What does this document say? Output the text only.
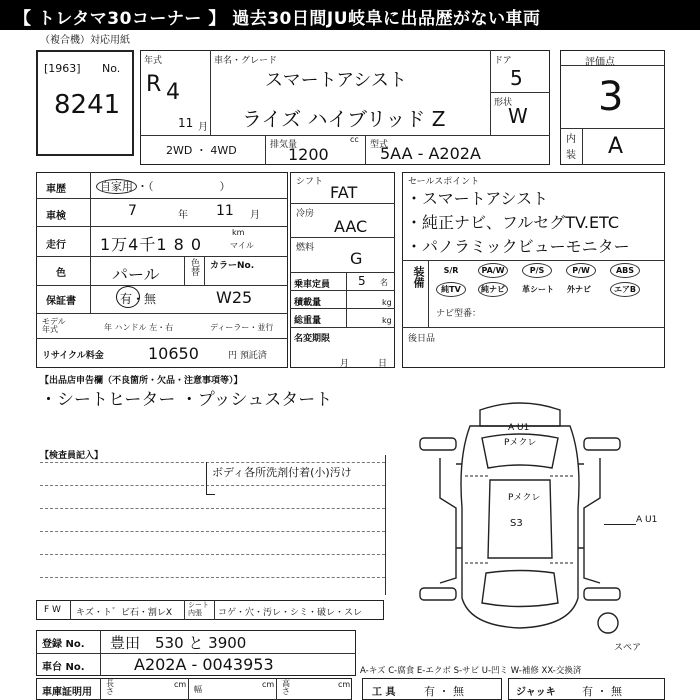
【 トレタマ30コーナー 】 過去30日間JU岐阜に出品歴がない車両
（複合機）対応用紙
[1963] No.
8241
年式
R 4
11 月
車名・グレード
スマートアシスト
ライズ ハイブリッド Z
ドア
5
形状
W
2WD ・ 4WD	排気量
cc
1200	型式
5AA - A202A
評価点
3
内
装 A
車歴	自家用 ・（　　　　　　）
車検	7	年 11 月
走行 1万4千1 8 0
km
マイル
色	パール	色替 カラーNo.
W25
保証書	有・無
モデル年式	年 ハンドル 左・右	ディーラー・並行
リサイクル料金	10650	円 預託済
シフト
FAT
冷房
AAC
燃料
G
乗車定員 5 名
積載量	kg
総重量	kg
名変期限
月	日
セールスポイント
・スマートアシスト
・純正ナビ、フルセグTV.ETC
・パノラミックビューモニター
装備	S/R	PA/W	P/S	P/W	ABS
純TV	純ナビ	革シート	外ナビ	エアB
ナビ型番：
後日品
【出品店申告欄（不良箇所・欠品・注意事項等）】
・シートヒーター ・プッシュスタート
【検査員記入】
ボディ各所洗剤付着(小)汚け
A U1
Pメクレ
Pメクレ
S3	A U1
スペア
F W キズ・ト゛ビ石・割レX
シート 内張	コゲ・穴・汚レ・シミ・破レ・スレ
登録 No. 豊田　530 と 3900
車台 No.	A202A - 0043953	A-キズ C-腐食 E-エクボ S-サビ U-凹ミ W-補修 XX-交換済
車庫証明用
長さ
cm
幅
cm 高さ
cm
工 具	有 ・ 無	ジャッキ 有 ・ 無
